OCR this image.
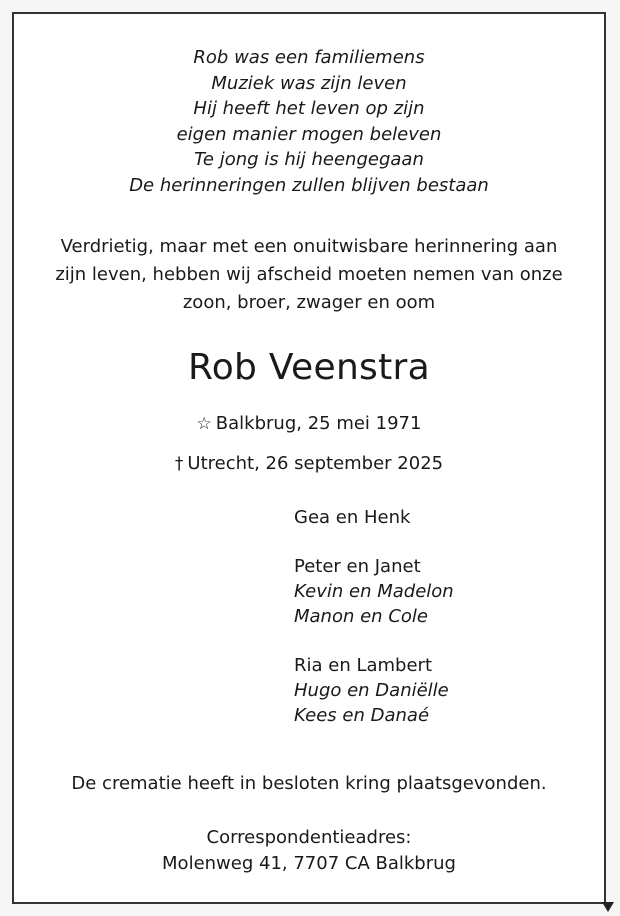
Rob was een familiemens
Muziek was zijn leven
Hij heeft het leven op zijn
eigen manier mogen beleven
Te jong is hij heengegaan
De herinneringen zullen blijven bestaan
Verdrietig, maar met een onuitwisbare herinnering aan
zijn leven, hebben wij afscheid moeten nemen van onze
zoon, broer, zwager en oom
Rob Veenstra
☆ Balkbrug, 25 mei 1971
† Utrecht, 26 september 2025
Gea en Henk
Peter en Janet
Kevin en Madelon
Manon en Cole
Ria en Lambert
Hugo en Daniëlle
Kees en Danaé
De crematie heeft in besloten kring plaatsgevonden.
Correspondentieadres:
Molenweg 41, 7707 CA Balkbrug
